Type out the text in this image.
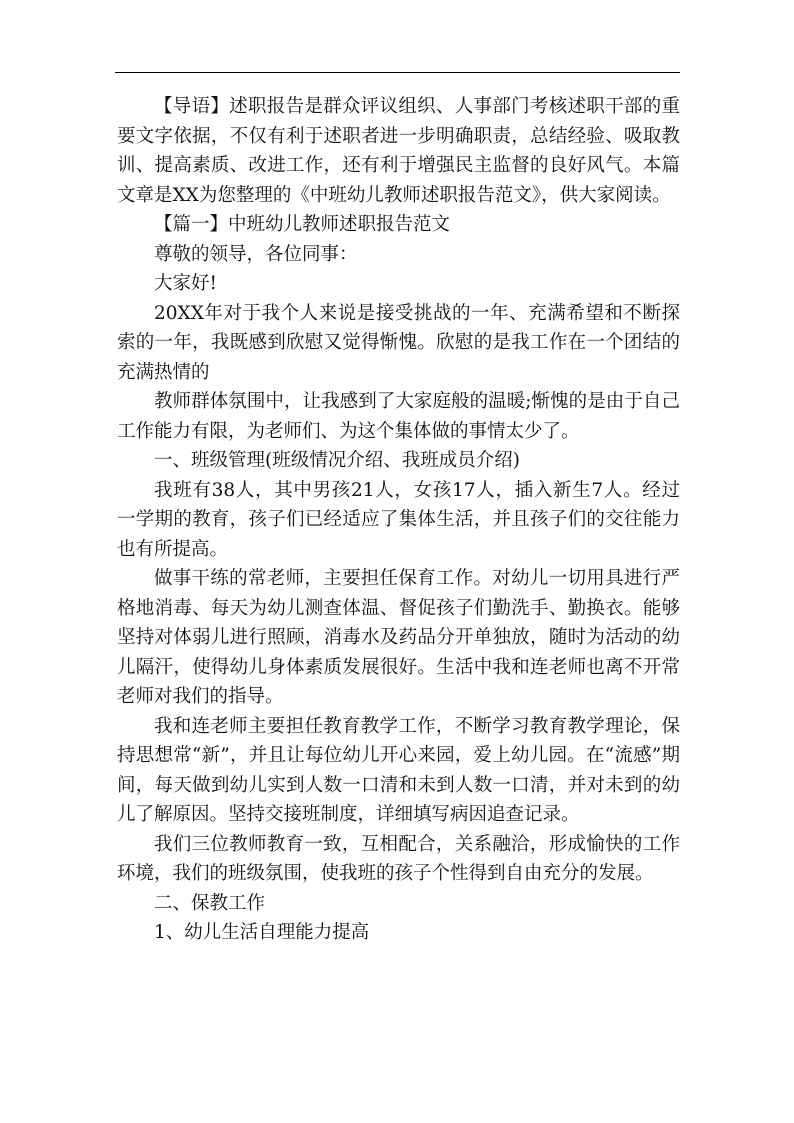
【导语】述职报告是群众评议组织、人事部门考核述职干部的重要文字依据，不仅有利于述职者进一步明确职责，总结经验、吸取教训、提高素质、改进工作，还有利于增强民主监督的良好风气。本篇文章是XX为您整理的《中班幼儿教师述职报告范文》，供大家阅读。

【篇一】中班幼儿教师述职报告范文

尊敬的领导，各位同事：

大家好!

20XX年对于我个人来说是接受挑战的一年、充满希望和不断探索的一年，我既感到欣慰又觉得惭愧。欣慰的是我工作在一个团结的充满热情的

教师群体氛围中，让我感到了大家庭般的温暖;惭愧的是由于自己工作能力有限，为老师们、为这个集体做的事情太少了。

一、班级管理(班级情况介绍、我班成员介绍)

我班有38人，其中男孩21人，女孩17人，插入新生7人。经过一学期的教育，孩子们已经适应了集体生活，并且孩子们的交往能力也有所提高。

做事干练的常老师，主要担任保育工作。对幼儿一切用具进行严格地消毒、每天为幼儿测查体温、督促孩子们勤洗手、勤换衣。能够坚持对体弱儿进行照顾，消毒水及药品分开单独放，随时为活动的幼儿隔汗，使得幼儿身体素质发展很好。生活中我和连老师也离不开常老师对我们的指导。

我和连老师主要担任教育教学工作，不断学习教育教学理论，保持思想常“新”，并且让每位幼儿开心来园，爱上幼儿园。在“流感”期间，每天做到幼儿实到人数一口清和未到人数一口清，并对未到的幼儿了解原因。坚持交接班制度，详细填写病因追查记录。

我们三位教师教育一致，互相配合，关系融洽，形成愉快的工作环境，我们的班级氛围，使我班的孩子个性得到自由充分的发展。

二、保教工作

1、幼儿生活自理能力提高
